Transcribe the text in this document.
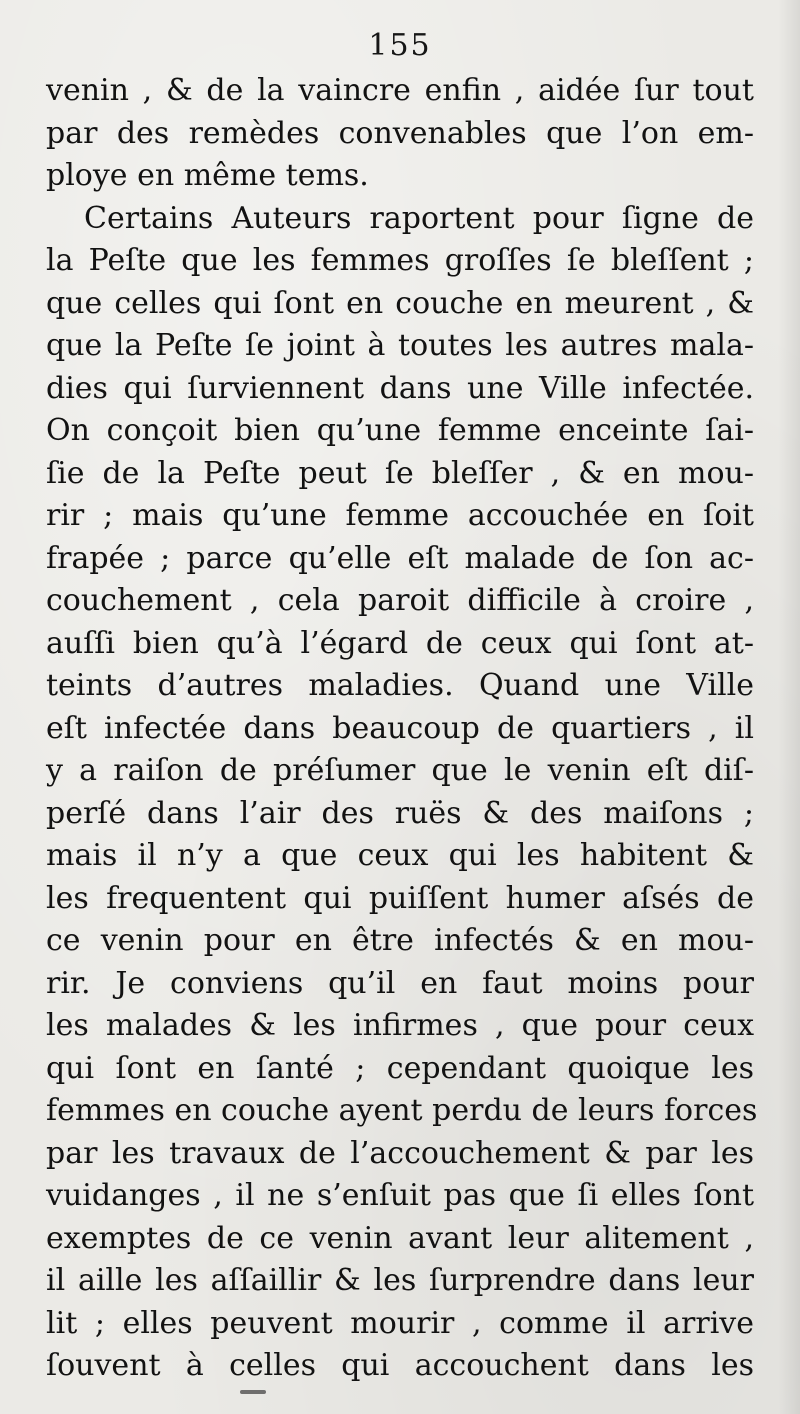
155
venin , & de la vaincre enfin , aidée ſur tout
par des remèdes convenables que l’on em-
ploye en même tems.
Certains Auteurs raportent pour ſigne de
la Peſte que les femmes groſſes ſe bleſſent ;
que celles qui ſont en couche en meurent , &
que la Peſte ſe joint à toutes les autres mala-
dies qui ſurviennent dans une Ville infectée.
On conçoit bien qu’une femme enceinte ſai-
ſie de la Peſte peut ſe bleſſer , & en mou-
rir ; mais qu’une femme accouchée en ſoit
frapée ; parce qu’elle eſt malade de ſon ac-
couchement , cela paroit difficile à croire ,
auſſi bien qu’à l’égard de ceux qui ſont at-
teints d’autres maladies. Quand une Ville
eſt infectée dans beaucoup de quartiers , il
y a raiſon de préſumer que le venin eſt diſ-
perſé dans l’air des ruës & des maiſons ;
mais il n’y a que ceux qui les habitent &
les frequentent qui puiſſent humer aſsés de
ce venin pour en être infectés & en mou-
rir. Je conviens qu’il en faut moins pour
les malades & les infirmes , que pour ceux
qui ſont en ſanté ; cependant quoique les
femmes en couche ayent perdu de leurs forces
par les travaux de l’accouchement & par les
vuidanges , il ne s’enſuit pas que ſi elles ſont
exemptes de ce venin avant leur alitement ,
il aille les aſſaillir & les ſurprendre dans leur
lit ; elles peuvent mourir , comme il arrive
ſouvent à celles qui accouchent dans les
